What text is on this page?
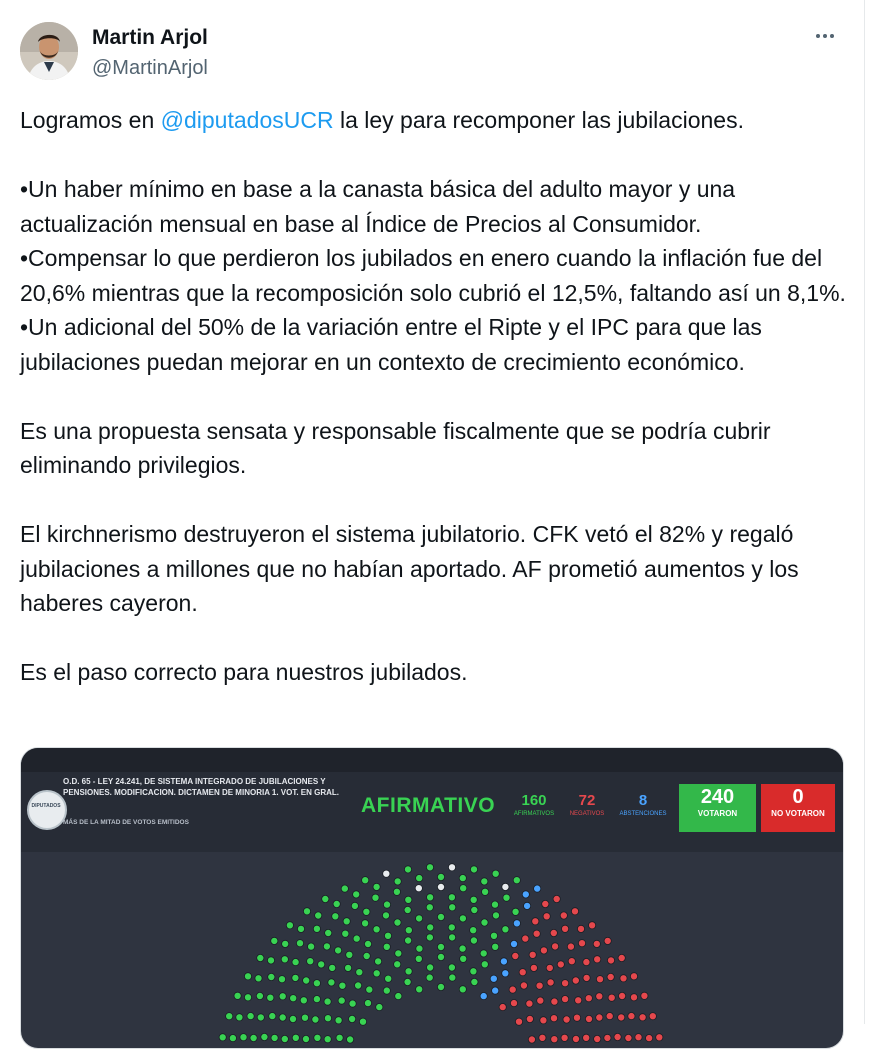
Martin Arjol
@MartinArjol

Logramos en @diputadosUCR la ley para recomponer las jubilaciones.

•Un haber mínimo en base a la canasta básica del adulto mayor y una actualización mensual en base al Índice de Precios al Consumidor.

•Compensar lo que perdieron los jubilados en enero cuando la inflación fue del 20,6% mientras que la recomposición solo cubrió el 12,5%, faltando así un 8,1%.

•Un adicional del 50% de la variación entre el Ripte y el IPC para que las jubilaciones puedan mejorar en un contexto de crecimiento económico.

Es una propuesta sensata y responsable fiscalmente que se podría cubrir eliminando privilegios.

El kirchnerismo destruyeron el sistema jubilatorio. CFK vetó el 82% y regaló jubilaciones a millones que no habían aportado. AF prometió aumentos y los haberes cayeron.

Es el paso correcto para nuestros jubilados.

DIPUTADOS
O.D. 65 - LEY 24.241, DE SISTEMA INTEGRADO DE JUBILACIONES Y PENSIONES. MODIFICACION. DICTAMEN DE MINORIA 1. VOT. EN GRAL.
MÁS DE LA MITAD DE VOTOS EMITIDOS
AFIRMATIVO	160
AFIRMATIVOS
72
NEGATIVOS
8
ABSTENCIONES
240
VOTARON
0
NO VOTARON
